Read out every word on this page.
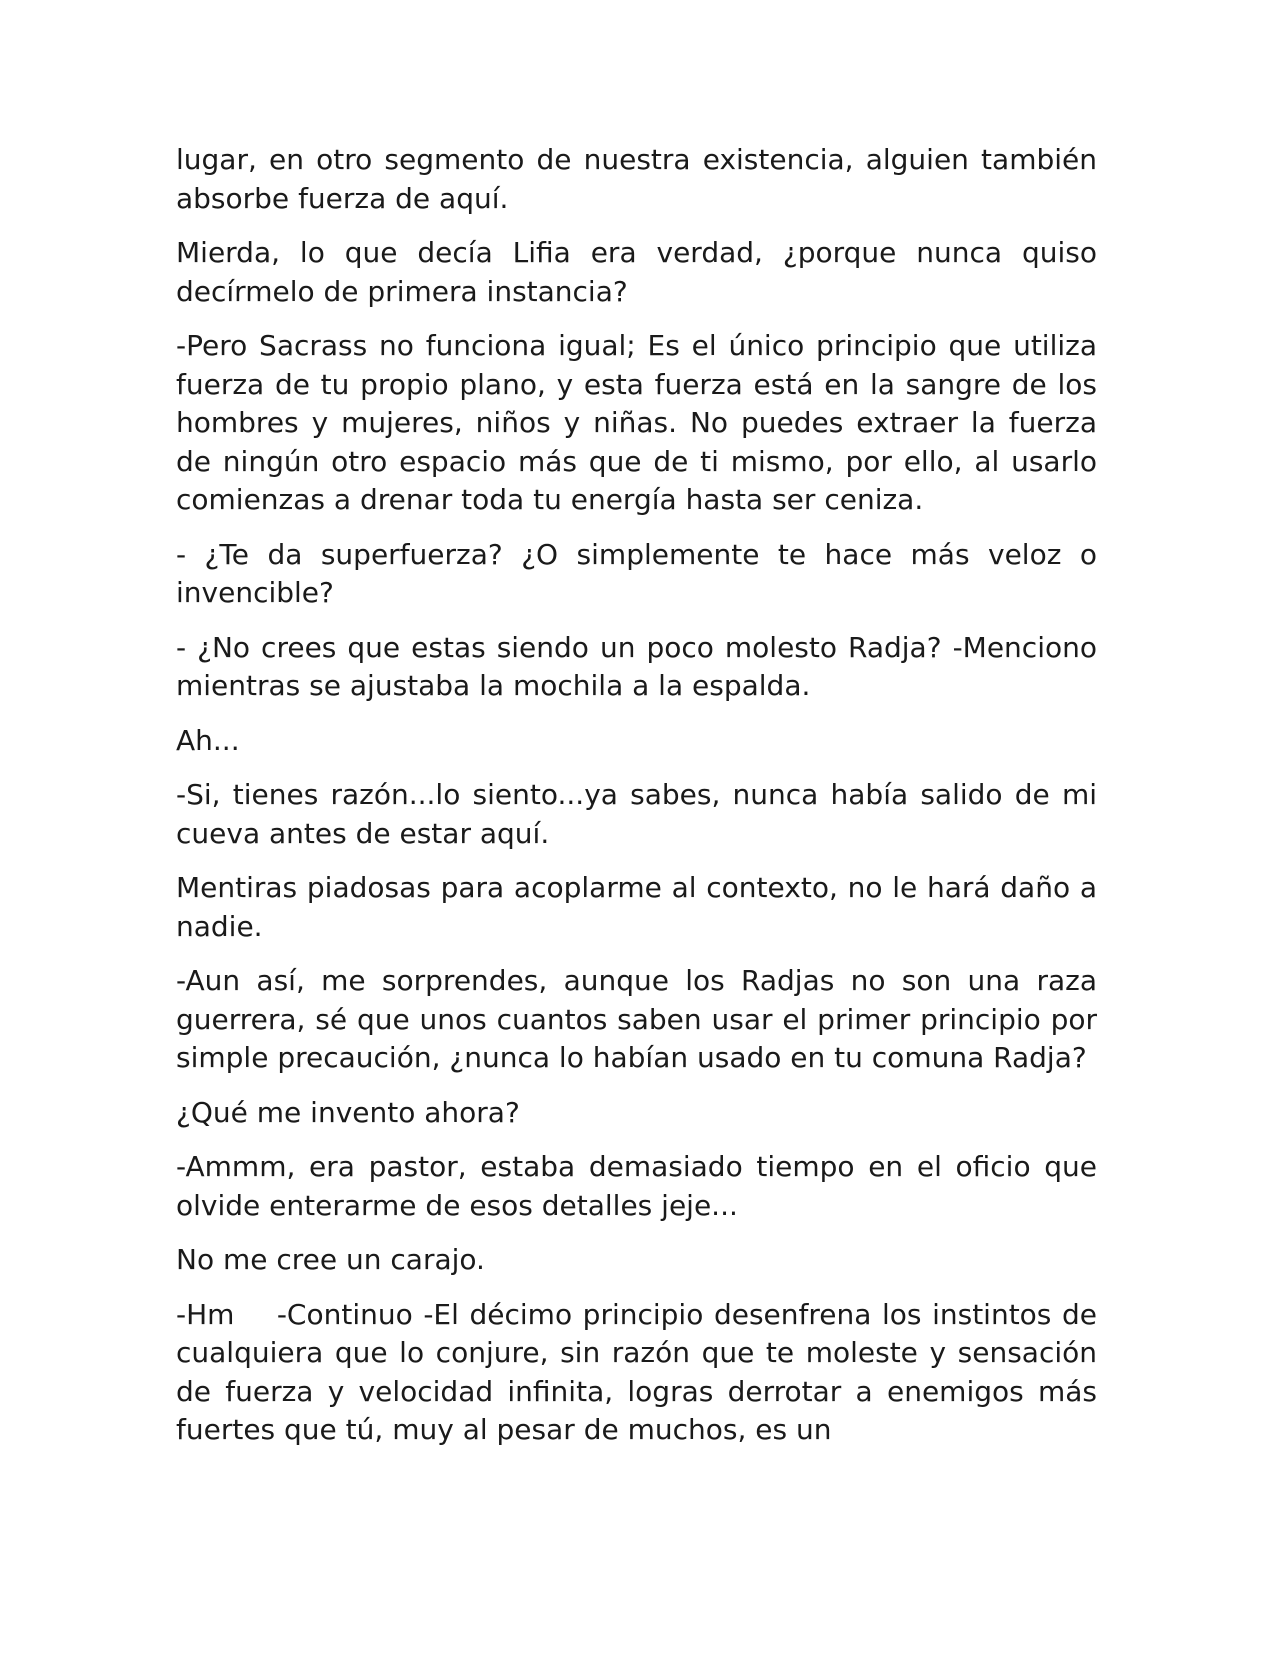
lugar, en otro segmento de nuestra existencia, alguien también absorbe fuerza de aquí.

Mierda, lo que decía Lifia era verdad, ¿porque nunca quiso decírmelo de primera instancia?

-Pero Sacrass no funciona igual; Es el único principio que utiliza fuerza de tu propio plano, y esta fuerza está en la sangre de los hombres y mujeres, niños y niñas. No puedes extraer la fuerza de ningún otro espacio más que de ti mismo, por ello, al usarlo comienzas a drenar toda tu energía hasta ser ceniza.

- ¿Te da superfuerza? ¿O simplemente te hace más veloz o invencible?

- ¿No crees que estas siendo un poco molesto Radja? -Menciono mientras se ajustaba la mochila a la espalda.

Ah...

-Si, tienes razón...lo siento...ya sabes, nunca había salido de mi cueva antes de estar aquí.

Mentiras piadosas para acoplarme al contexto, no le hará daño a nadie.

-Aun así, me sorprendes, aunque los Radjas no son una raza guerrera, sé que unos cuantos saben usar el primer principio por simple precaución, ¿nunca lo habían usado en tu comuna Radja?

¿Qué me invento ahora?

-Ammm, era pastor, estaba demasiado tiempo en el oficio que olvide enterarme de esos detalles jeje...

No me cree un carajo.

-Hm    -Continuo -El décimo principio desenfrena los instintos de cualquiera que lo conjure, sin razón que te moleste y sensación de fuerza y velocidad infinita, logras derrotar a enemigos más fuertes que tú, muy al pesar de muchos, es un
